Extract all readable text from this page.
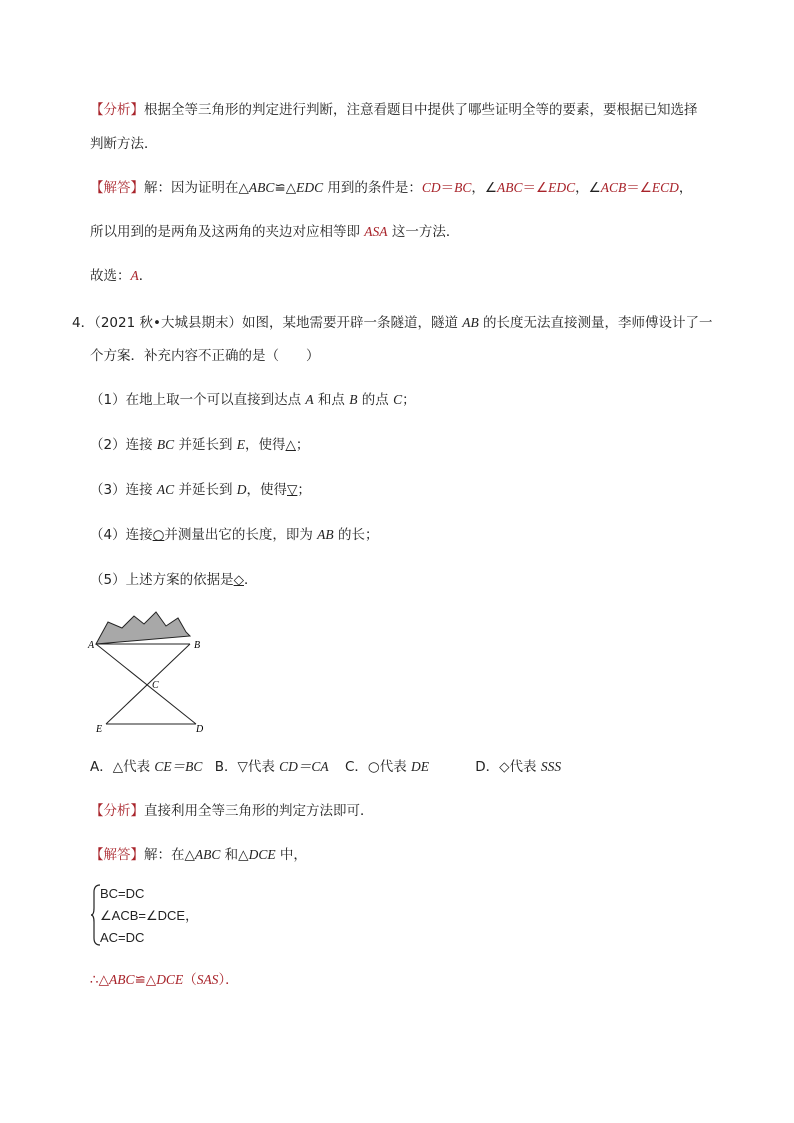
【分析】根据全等三角形的判定进行判断，注意看题目中提供了哪些证明全等的要素，要根据已知选择
判断方法．
【解答】解：因为证明在△ABC≌△EDC 用到的条件是：CD＝BC，∠ABC＝∠EDC，∠ACB＝∠ECD，
所以用到的是两角及这两角的夹边对应相等即 ASA 这一方法．
故选：A．
4．（2021 秋•大城县期末）如图，某地需要开辟一条隧道，隧道 AB 的长度无法直接测量，李师傅设计了一
个方案．补充内容不正确的是（　　）
（1）在地上取一个可以直接到达点 A 和点 B 的点 C；
（2）连接 BC 并延长到 E，使得△；
（3）连接 AC 并延长到 D，使得▽；
（4）连接○并测量出它的长度，即为 AB 的长；
（5）上述方案的依据是◇．
A	B
C
E	D
A．△代表 CE＝BC B．▽代表 CD＝CA C．○代表 DE	D．◇代表 SSS
【分析】直接利用全等三角形的判定方法即可．
【解答】解：在△ABC 和△DCE 中，
BC=DC
∠ACB=∠DCE，
AC=DC
∴△ABC≌△DCE（SAS）．
